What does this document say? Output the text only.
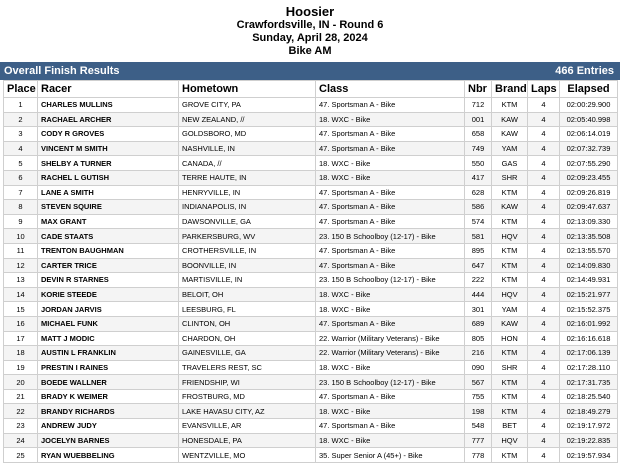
Hoosier
Crawfordsville, IN - Round 6
Sunday, April 28, 2024
Bike AM
Overall Finish Results	466 Entries
Place	Racer	Hometown	Class	Nbr	Brand	Laps	Elapsed
1	CHARLES MULLINS	GROVE CITY, PA	47. Sportsman A - Bike	712	KTM	4	02:00:29.900
2	RACHAEL ARCHER	NEW ZEALAND, //	18. WXC - Bike	001	KAW	4	02:05:40.998
3	CODY R GROVES	GOLDSBORO, MD	47. Sportsman A - Bike	658	KAW	4	02:06:14.019
4	VINCENT M SMITH	NASHVILLE, IN	47. Sportsman A - Bike	749	YAM	4	02:07:32.739
5	SHELBY A TURNER	CANADA, //	18. WXC - Bike	550	GAS	4	02:07:55.290
6	RACHEL L GUTISH	TERRE HAUTE, IN	18. WXC - Bike	417	SHR	4	02:09:23.455
7	LANE A SMITH	HENRYVILLE, IN	47. Sportsman A - Bike	628	KTM	4	02:09:26.819
8	STEVEN SQUIRE	INDIANAPOLIS, IN	47. Sportsman A - Bike	586	KAW	4	02:09:47.637
9	MAX GRANT	DAWSONVILLE, GA	47. Sportsman A - Bike	574	KTM	4	02:13:09.330
10	CADE STAATS	PARKERSBURG, WV	23. 150 B Schoolboy (12-17) - Bike	581	HQV	4	02:13:35.508
11	TRENTON BAUGHMAN	CROTHERSVILLE, IN	47. Sportsman A - Bike	895	KTM	4	02:13:55.570
12	CARTER TRICE	BOONVILLE, IN	47. Sportsman A - Bike	647	KTM	4	02:14:09.830
13	DEVIN R STARNES	MARTISVILLE, IN	23. 150 B Schoolboy (12-17) - Bike	222	KTM	4	02:14:49.931
14	KORIE STEEDE	BELOIT, OH	18. WXC - Bike	444	HQV	4	02:15:21.977
15	JORDAN JARVIS	LEESBURG, FL	18. WXC - Bike	301	YAM	4	02:15:52.375
16	MICHAEL FUNK	CLINTON, OH	47. Sportsman A - Bike	689	KAW	4	02:16:01.992
17	MATT J MODIC	CHARDON, OH	22. Warrior (Military Veterans) - Bike	805	HON	4	02:16:16.618
18	AUSTIN L FRANKLIN	GAINESVILLE, GA	22. Warrior (Military Veterans) - Bike	216	KTM	4	02:17:06.139
19	PRESTIN I RAINES	TRAVELERS REST, SC	18. WXC - Bike	090	SHR	4	02:17:28.110
20	BOEDE WALLNER	FRIENDSHIP, WI	23. 150 B Schoolboy (12-17) - Bike	567	KTM	4	02:17:31.735
21	BRADY K WEIMER	FROSTBURG, MD	47. Sportsman A - Bike	755	KTM	4	02:18:25.540
22	BRANDY RICHARDS	LAKE HAVASU CITY, AZ	18. WXC - Bike	198	KTM	4	02:18:49.279
23	ANDREW JUDY	EVANSVILLE, AR	47. Sportsman A - Bike	548	BET	4	02:19:17.972
24	JOCELYN BARNES	HONESDALE, PA	18. WXC - Bike	777	HQV	4	02:19:22.835
25	RYAN WUEBBELING	WENTZVILLE, MO	35. Super Senior A (45+) - Bike	778	KTM	4	02:19:57.934
